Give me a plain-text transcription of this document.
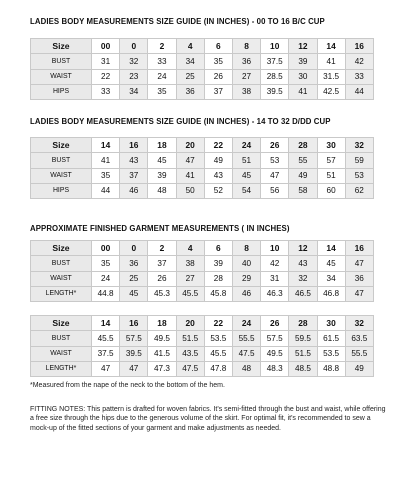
LADIES BODY MEASUREMENTS SIZE GUIDE (IN INCHES) - 00 TO 16 B/C CUP
Size	00	0	2	4	6	8	10	12	14	16
BUST	31	32	33	34	35	36	37.5	39	41	42
WAIST	22	23	24	25	26	27	28.5	30	31.5	33
HIPS	33	34	35	36	37	38	39.5	41	42.5	44
LADIES BODY MEASUREMENTS SIZE GUIDE (IN INCHES) - 14 TO 32 D/DD CUP
Size	14	16	18	20	22	24	26	28	30	32
BUST	41	43	45	47	49	51	53	55	57	59
WAIST	35	37	39	41	43	45	47	49	51	53
HIPS	44	46	48	50	52	54	56	58	60	62
APPROXIMATE FINISHED GARMENT MEASUREMENTS ( IN INCHES)
Size	00	0	2	4	6	8	10	12	14	16
BUST	35	36	37	38	39	40	42	43	45	47
WAIST	24	25	26	27	28	29	31	32	34	36
LENGTH*	44.8	45	45.3	45.5	45.8	46	46.3	46.5	46.8	47
Size	14	16	18	20	22	24	26	28	30	32
BUST	45.5	57.5	49.5	51.5	53.5	55.5	57.5	59.5	61.5	63.5
WAIST	37.5	39.5	41.5	43.5	45.5	47.5	49.5	51.5	53.5	55.5
LENGTH*	47	47	47.3	47.5	47.8	48	48.3	48.5	48.8	49
*Measured from the nape of the neck to the bottom of the hem.
FITTING NOTES: This pattern is drafted for woven fabrics. It's semi-fitted through the bust and waist, while offering a free size through the hips due to the generous volume of the skirt. For optimal fit, it's recommended to sew a mock-up of the fitted sections of your garment and make adjustments as needed.
